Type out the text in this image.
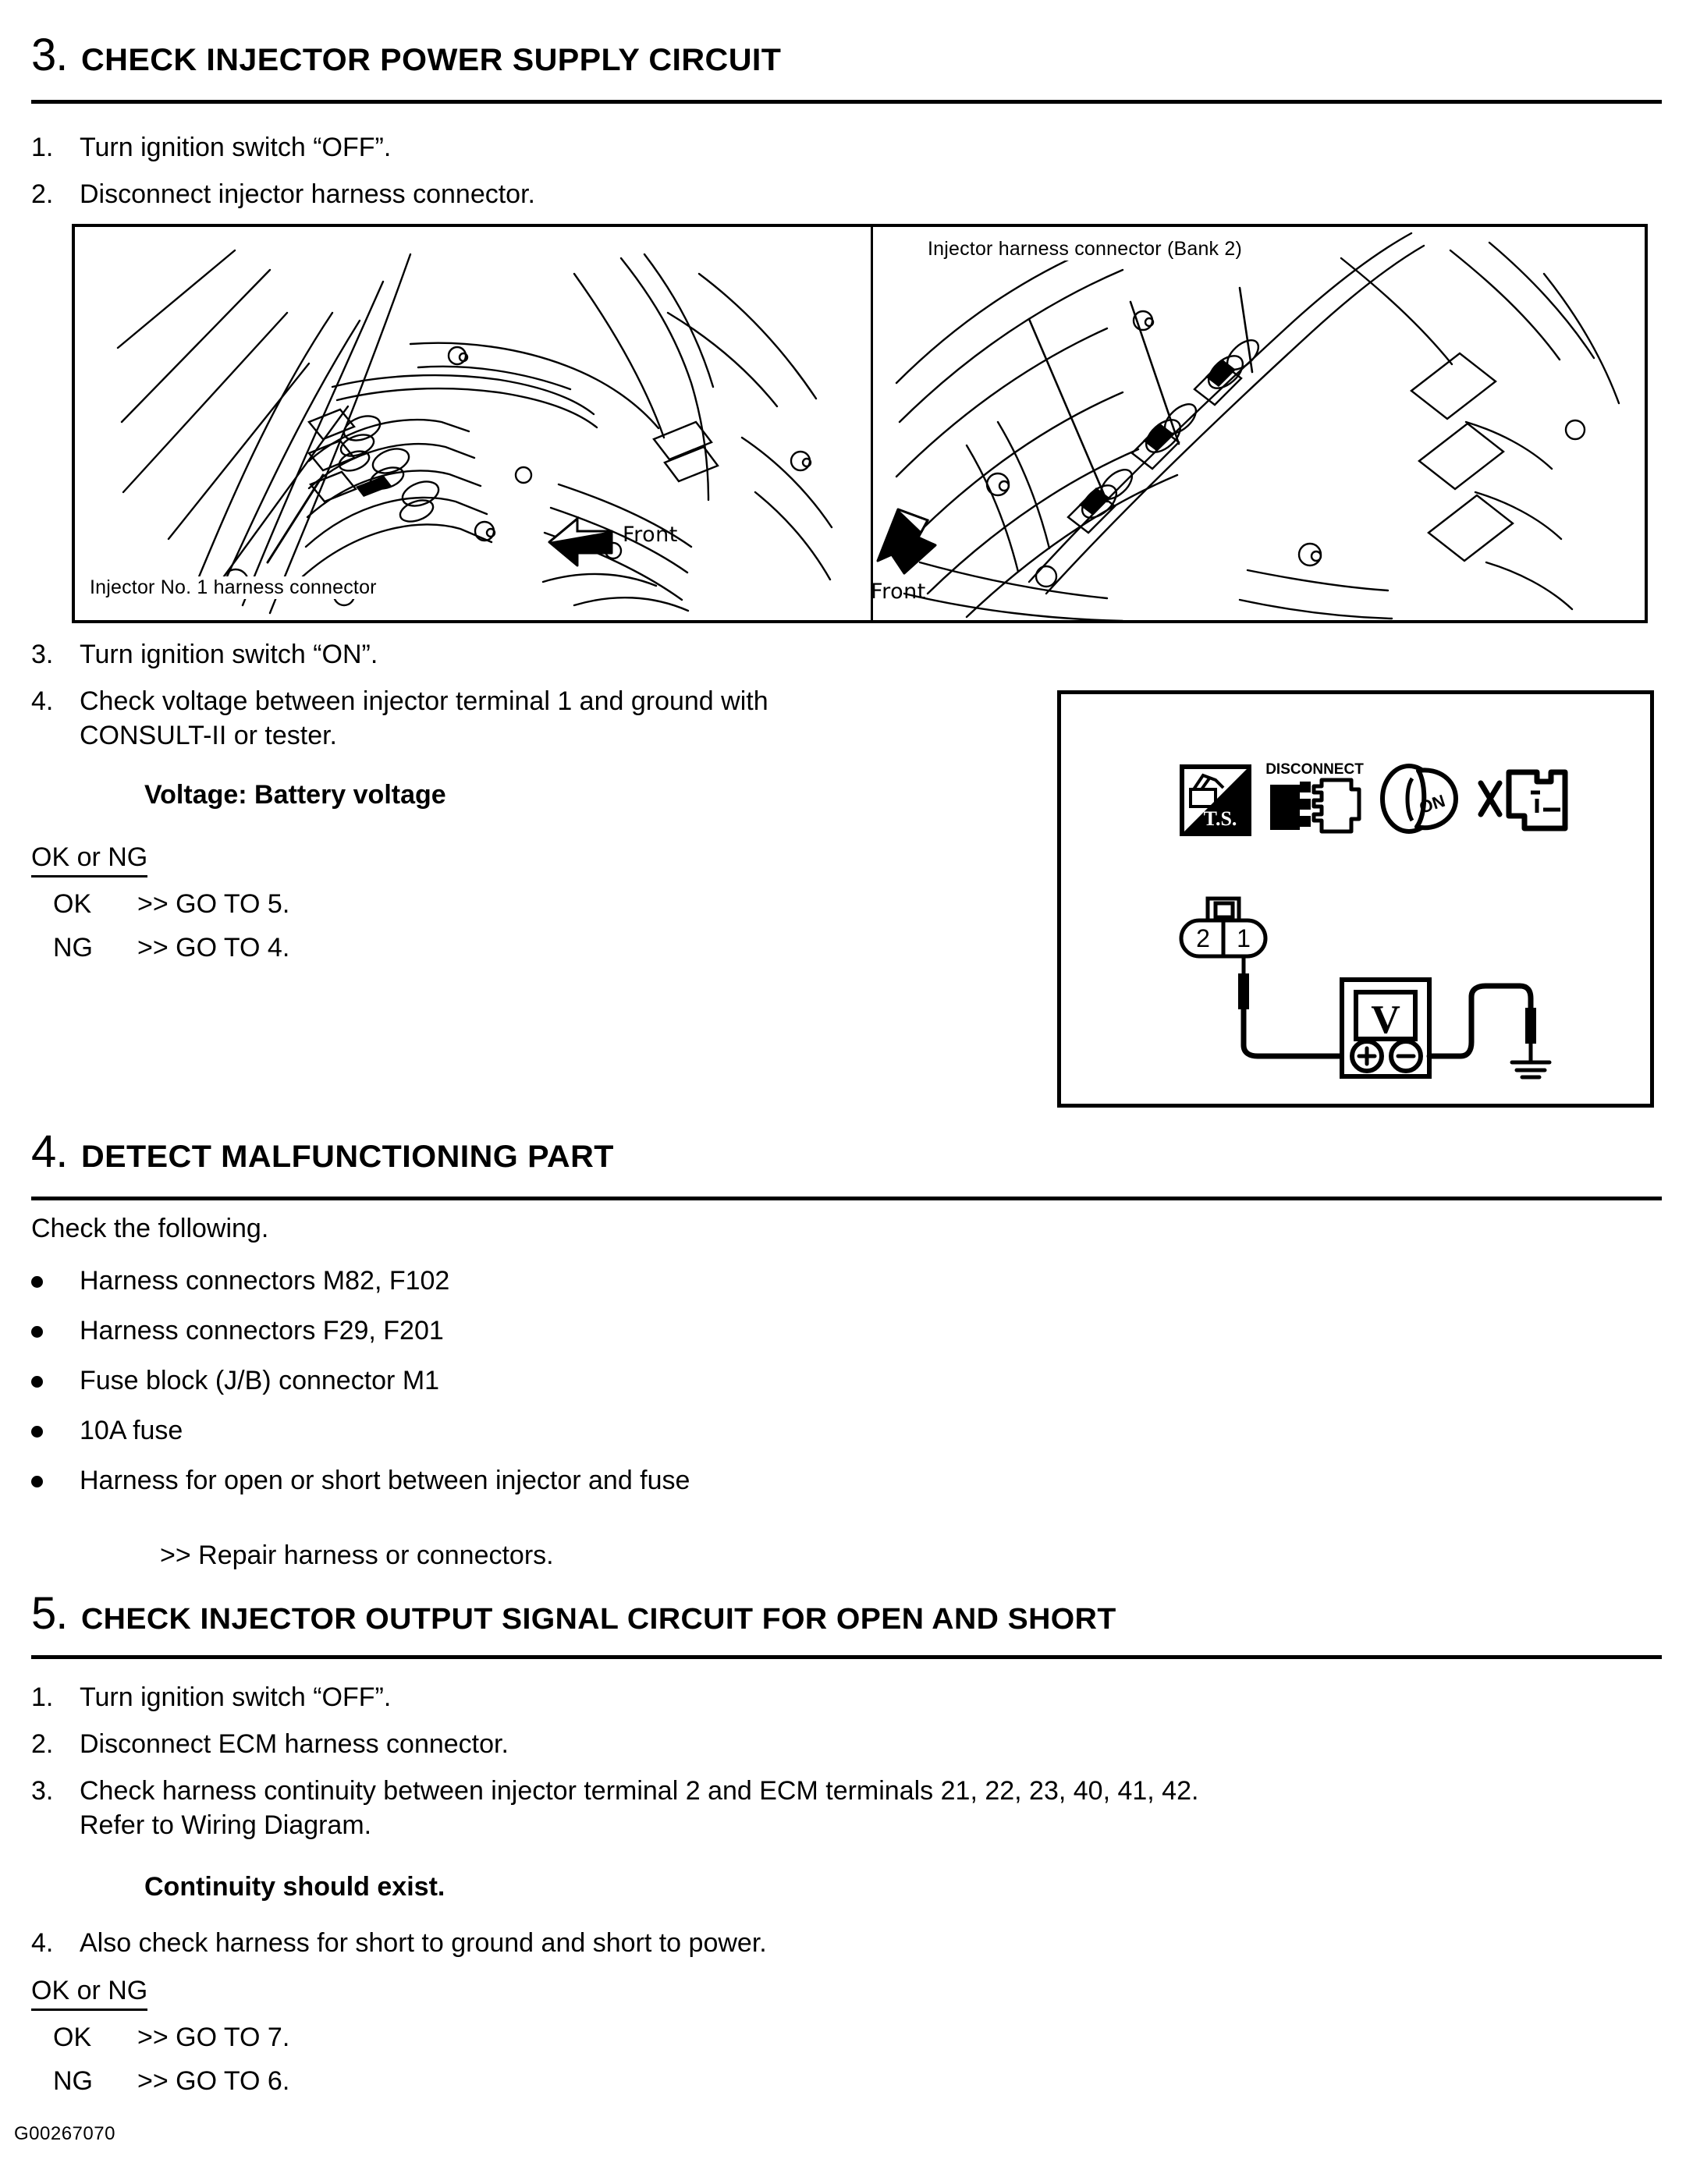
3. CHECK INJECTOR POWER SUPPLY CIRCUIT
1. Turn ignition switch “OFF”.
2. Disconnect injector harness connector.
Front
Injector No. 1 harness connector
Injector harness connector (Bank 2)
Front
3. Turn ignition switch “ON”.
4. Check voltage between injector terminal 1 and ground with
CONSULT-II or tester.
Voltage: Battery voltage
OK or NG
OK	>> GO TO 5.
NG	>> GO TO 4.
T.S.
DISCONNECT
ON
2 1
V
4. DETECT MALFUNCTIONING PART
Check the following.
Harness connectors M82, F102
Harness connectors F29, F201
Fuse block (J/B) connector M1
10A fuse
Harness for open or short between injector and fuse
>> Repair harness or connectors.
5. CHECK INJECTOR OUTPUT SIGNAL CIRCUIT FOR OPEN AND SHORT
1. Turn ignition switch “OFF”.
2. Disconnect ECM harness connector.
3. Check harness continuity between injector terminal 2 and ECM terminals 21, 22, 23, 40, 41, 42.
Refer to Wiring Diagram.
Continuity should exist.
4. Also check harness for short to ground and short to power.
OK or NG
OK	>> GO TO 7.
NG	>> GO TO 6.
G00267070
